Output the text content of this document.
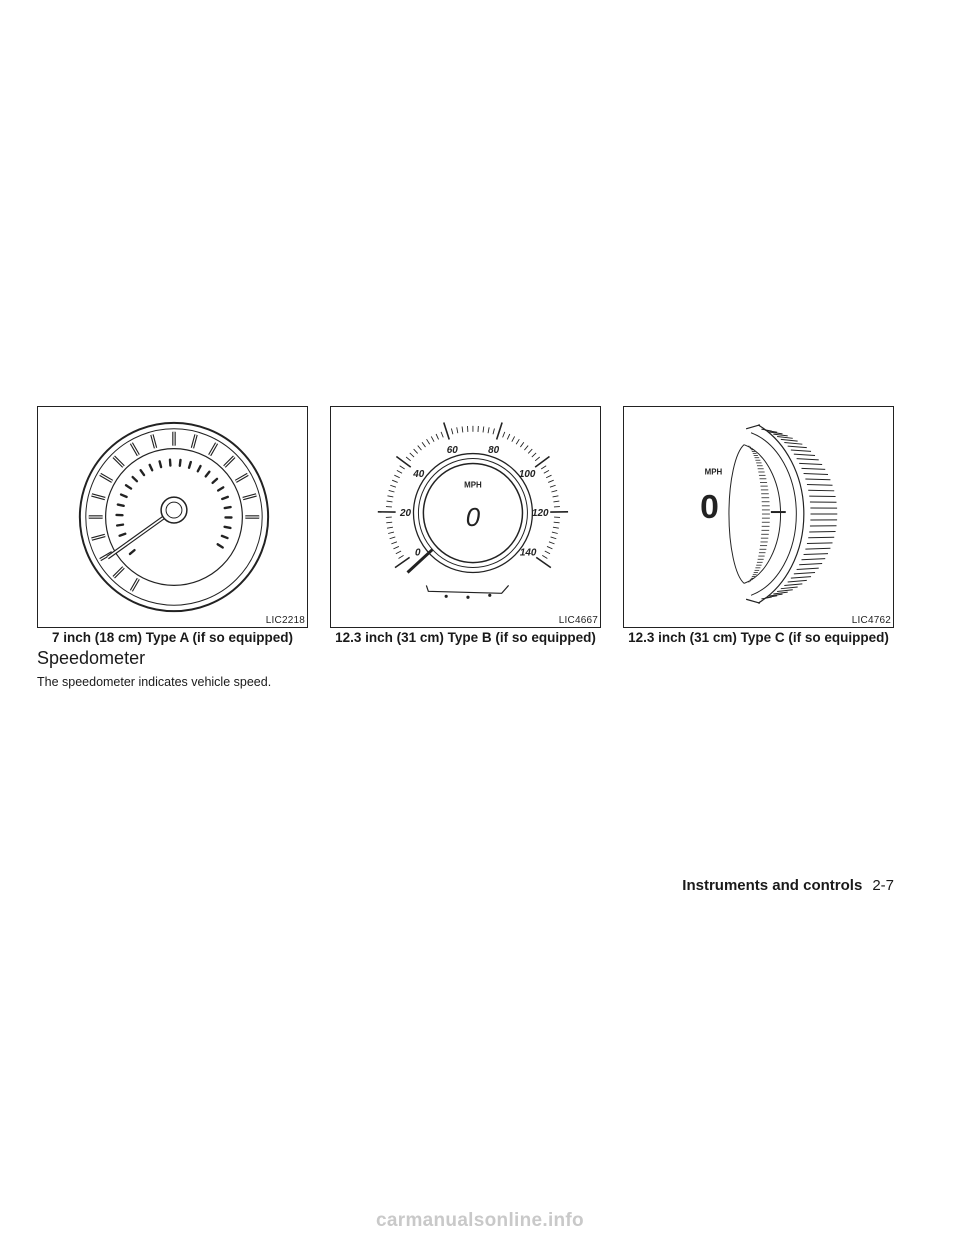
LIC2218
0
20
40
60	80
100
120
140
MPH
0
LIC4667
MPH
0
LIC4762
7 inch (18 cm) Type A (if so equipped)	12.3 inch (31 cm) Type B (if so equipped)	12.3 inch (31 cm) Type C (if so equipped)
Speedometer
The speedometer indicates vehicle speed.
Instruments and controls 2-7
carmanualsonline.info
